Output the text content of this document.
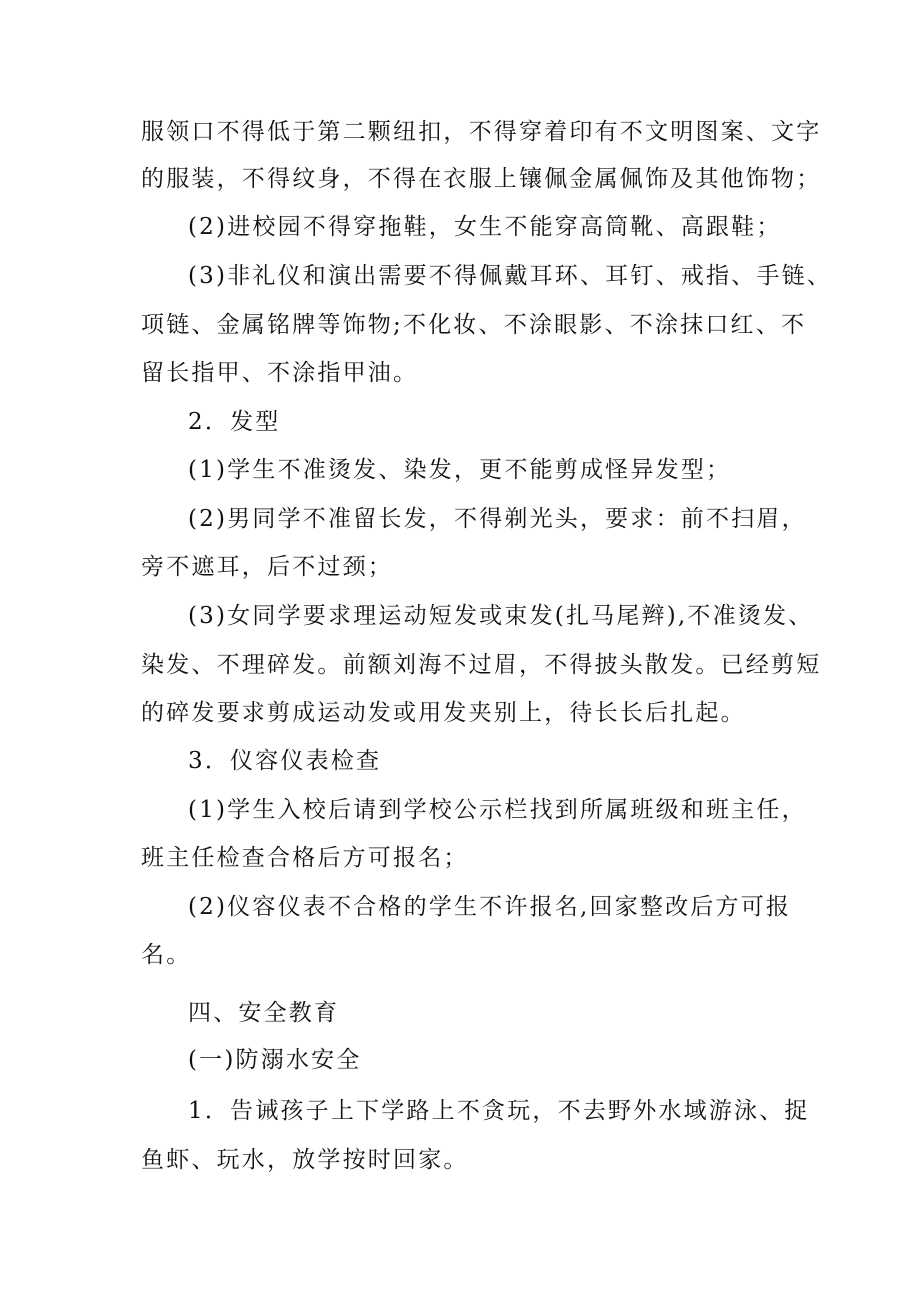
服领口不得低于第二颗纽扣，不得穿着印有不文明图案、文字
的服装，不得纹身，不得在衣服上镶佩金属佩饰及其他饰物；
(2)进校园不得穿拖鞋，女生不能穿高筒靴、高跟鞋；
(3)非礼仪和演出需要不得佩戴耳环、耳钉、戒指、手链、
项链、金属铭牌等饰物;不化妆、不涂眼影、不涂抹口红、不
留长指甲、不涂指甲油。
2．发型
(1)学生不准烫发、染发，更不能剪成怪异发型；
(2)男同学不准留长发，不得剃光头，要求：前不扫眉，
旁不遮耳，后不过颈；
(3)女同学要求理运动短发或束发(扎马尾辫),不准烫发、
染发、不理碎发。前额刘海不过眉，不得披头散发。已经剪短
的碎发要求剪成运动发或用发夹别上，待长长后扎起。
3．仪容仪表检查
(1)学生入校后请到学校公示栏找到所属班级和班主任，
班主任检查合格后方可报名；
(2)仪容仪表不合格的学生不许报名,回家整改后方可报
名。
四、安全教育
(一)防溺水安全
1．告诫孩子上下学路上不贪玩，不去野外水域游泳、捉
鱼虾、玩水，放学按时回家。
